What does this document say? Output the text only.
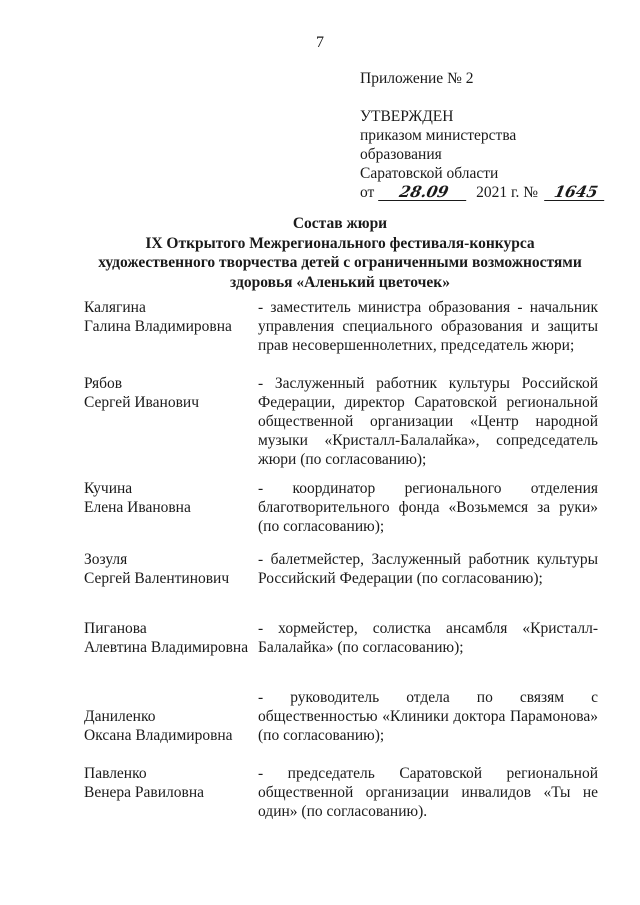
7
Приложение № 2
УТВЕРЖДЕН
приказом министерства
образования
Саратовской области
от 28.09 2021 г. № 1645
Состав жюри
IX Открытого Межрегионального фестиваля-конкурса
художественного творчества детей с ограниченными возможностями
здоровья «Аленький цветочек»
Калягина
Галина Владимировна
- заместитель министра образования - начальник управления специального образования и защиты прав несовершеннолетних, председатель жюри;
Рябов
Сергей Иванович
- Заслуженный работник культуры Российской Федерации, директор Саратовской региональной общественной организации «Центр народной музыки «Кристалл-Балалайка», сопредседатель жюри (по согласованию);
Кучина
Елена Ивановна
- координатор регионального отделения благотворительного фонда «Возьмемся за руки» (по согласованию);
Зозуля
Сергей Валентинович
- балетмейстер, Заслуженный работник культуры Российский Федерации (по согласованию);
Пиганова
Алевтина Владимировна
- хормейстер, солистка ансамбля «Кристалл-Балалайка» (по согласованию);
Даниленко
Оксана Владимировна
- руководитель отдела по связям с общественностью «Клиники доктора Парамонова» (по согласованию);
Павленко
Венера Равиловна
- председатель Саратовской региональной общественной организации инвалидов «Ты не один» (по согласованию).
